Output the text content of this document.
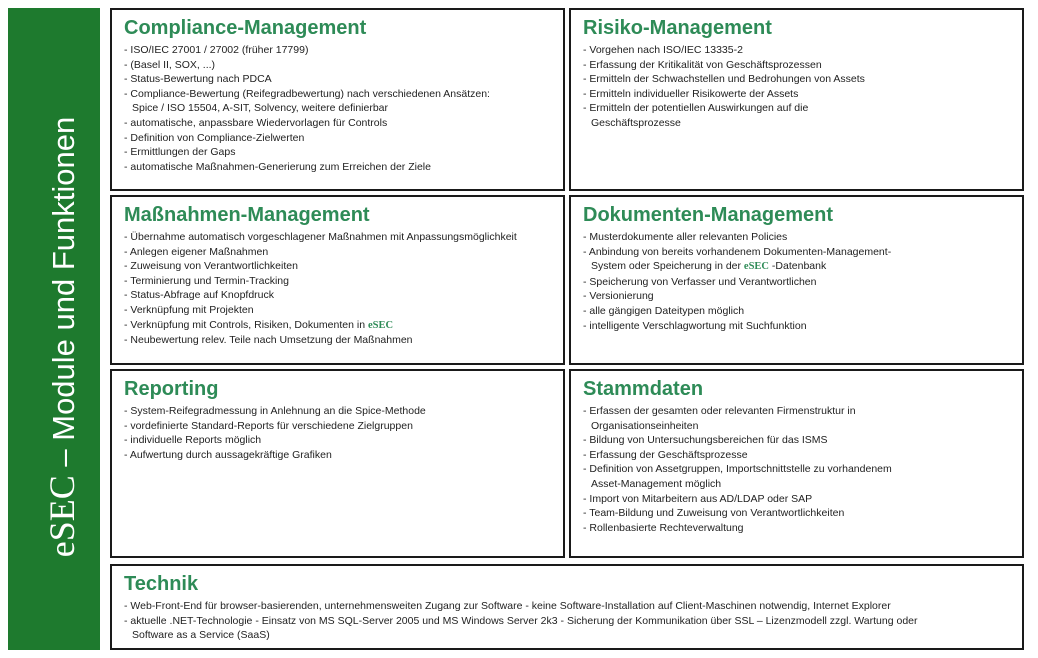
eSEC – Module und Funktionen
Compliance-Management
- ISO/IEC 27001 / 27002 (früher 17799)
- (Basel II, SOX, ...)
- Status-Bewertung nach PDCA
- Compliance-Bewertung (Reifegradbewertung) nach verschiedenen Ansätzen:
Spice / ISO 15504, A-SIT, Solvency, weitere definierbar
- automatische, anpassbare Wiedervorlagen für Controls
- Definition von Compliance-Zielwerten
- Ermittlungen der Gaps
- automatische Maßnahmen-Generierung zum Erreichen der Ziele
Risiko-Management
- Vorgehen nach ISO/IEC 13335-2
- Erfassung der Kritikalität von Geschäftsprozessen
- Ermitteln der Schwachstellen und Bedrohungen von Assets
- Ermitteln individueller Risikowerte der Assets
- Ermitteln der potentiellen Auswirkungen auf die
Geschäftsprozesse
Maßnahmen-Management
- Übernahme automatisch vorgeschlagener Maßnahmen mit Anpassungsmöglichkeit
- Anlegen eigener Maßnahmen
- Zuweisung von Verantwortlichkeiten
- Terminierung und Termin-Tracking
- Status-Abfrage auf Knopfdruck
- Verknüpfung mit Projekten
- Verknüpfung mit Controls, Risiken, Dokumenten in eSEC
- Neubewertung relev. Teile nach Umsetzung der Maßnahmen
Dokumenten-Management
- Musterdokumente aller relevanten Policies
- Anbindung von bereits vorhandenem Dokumenten-Management-
System oder Speicherung in der eSEC -Datenbank
- Speicherung von Verfasser und Verantwortlichen
- Versionierung
- alle gängigen Dateitypen möglich
- intelligente Verschlagwortung mit Suchfunktion
Reporting
- System-Reifegradmessung in Anlehnung an die Spice-Methode
- vordefinierte Standard-Reports für verschiedene Zielgruppen
- individuelle Reports möglich
- Aufwertung durch aussagekräftige Grafiken
Stammdaten
- Erfassen der gesamten oder relevanten Firmenstruktur in
Organisationseinheiten
- Bildung von Untersuchungsbereichen für das ISMS
- Erfassung der Geschäftsprozesse
- Definition von Assetgruppen, Importschnittstelle zu vorhandenem
Asset-Management möglich
- Import von Mitarbeitern aus AD/LDAP oder SAP
- Team-Bildung und Zuweisung von Verantwortlichkeiten
- Rollenbasierte Rechteverwaltung
Technik
- Web-Front-End für browser-basierenden, unternehmensweiten Zugang zur Software - keine Software-Installation auf Client-Maschinen notwendig, Internet Explorer
- aktuelle .NET-Technologie - Einsatz von MS SQL-Server 2005 und MS Windows Server 2k3 - Sicherung der Kommunikation über SSL – Lizenzmodell zzgl. Wartung oder
Software as a Service (SaaS)
